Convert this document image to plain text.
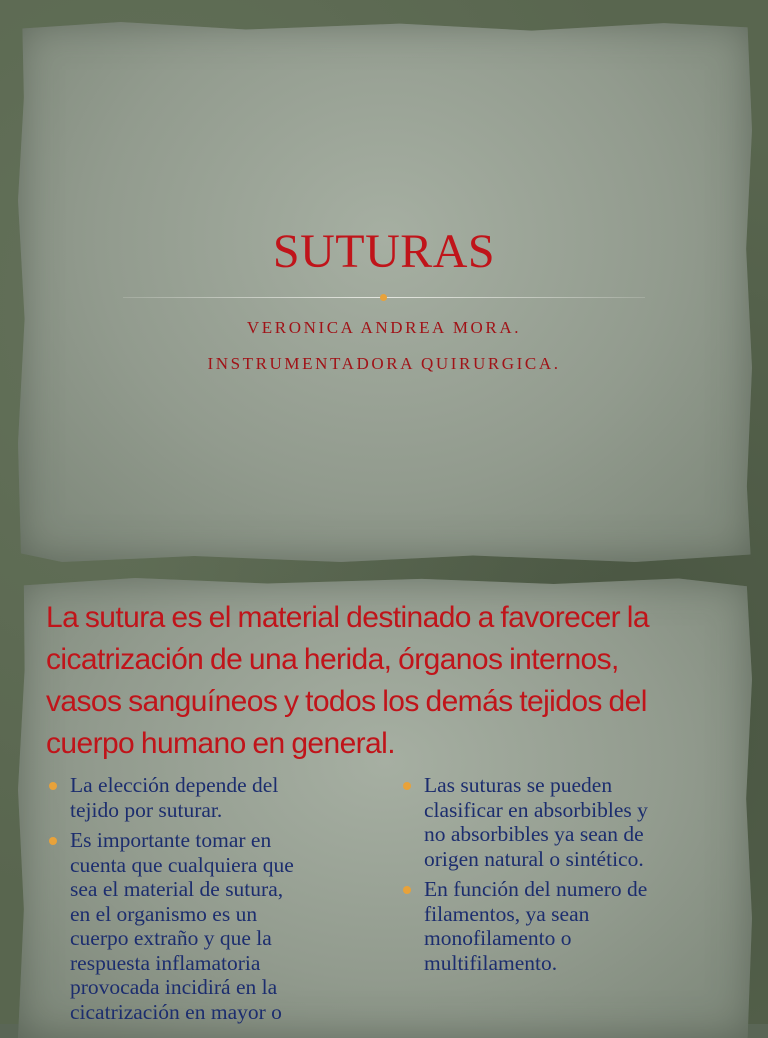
SUTURAS
VERONICA ANDREA MORA.
INSTRUMENTADORA QUIRURGICA.
La sutura es el material destinado a favorecer la
cicatrización de una herida, órganos internos,
vasos sanguíneos y todos los demás tejidos del
cuerpo humano en general.
La elección depende del
tejido por suturar.
Es importante tomar en
cuenta que cualquiera que
sea el material de sutura,
en el organismo es un
cuerpo extraño y que la
respuesta inflamatoria
provocada incidirá en la
cicatrización en mayor o
Las suturas se pueden
clasificar en absorbibles y
no absorbibles ya sean de
origen natural o sintético.
En función del numero de
filamentos, ya sean
monofilamento o
multifilamento.
